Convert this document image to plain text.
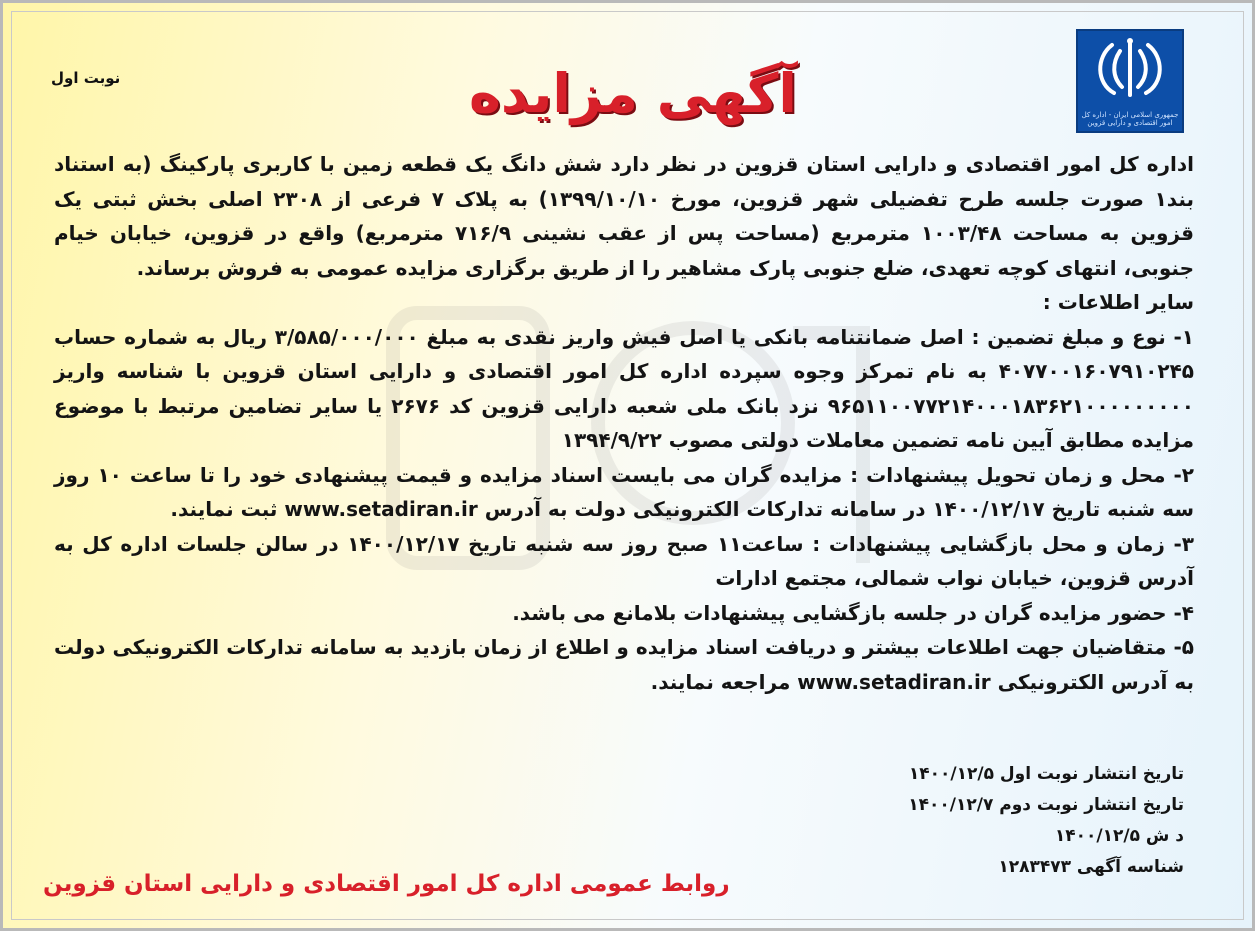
جمهوری اسلامی ایران - اداره کل امور اقتصادی و دارایی قزوین
نوبت اول	آگهی مزایده

اداره کل امور اقتصادی و دارایی استان قزوین در نظر دارد شش دانگ یک قطعه زمین با کاربری پارکینگ (به استناد بند۱ صورت جلسه طرح تفضیلی شهر قزوین، مورخ ۱۳۹۹/۱۰/۱۰) به پلاک ۷ فرعی از ۲۳۰۸ اصلی بخش ثبتی یک قزوین به مساحت ۱۰۰۳/۴۸ مترمربع (مساحت پس از عقب نشینی ۷۱۶/۹ مترمربع) واقع در قزوین، خیابان خیام جنوبی، انتهای کوچه تعهدی، ضلع جنوبی پارک مشاهیر را از طریق برگزاری مزایده عمومی به فروش برساند.

سایر اطلاعات :

۱- نوع و مبلغ تضمین : اصل ضمانتنامه بانکی یا اصل فیش واریز نقدی به مبلغ ۳/۵۸۵/۰۰۰/۰۰۰ ریال به شماره حساب ۴۰۷۷۰۰۱۶۰۷۹۱۰۲۴۵ به نام تمرکز وجوه سپرده اداره کل امور اقتصادی و دارایی استان قزوین با شناسه واریز ۹۶۵۱۱۰۰۷۷۲۱۴۰۰۰۱۸۳۶۲۱۰۰۰۰۰۰۰۰۰ نزد بانک ملی شعبه دارایی قزوین کد ۲۶۷۶ یا سایر تضامین مرتبط با موضوع مزایده مطابق آیین نامه تضمین معاملات دولتی مصوب ۱۳۹۴/۹/۲۲

۲- محل و زمان تحویل پیشنهادات : مزایده گران می بایست اسناد مزایده و قیمت پیشنهادی خود را تا ساعت ۱۰ روز سه شنبه تاریخ ۱۴۰۰/۱۲/۱۷ در سامانه تدارکات الکترونیکی دولت به آدرس www.setadiran.ir ثبت نمایند.

۳- زمان و محل بازگشایی پیشنهادات : ساعت۱۱ صبح روز سه شنبه تاریخ ۱۴۰۰/۱۲/۱۷ در سالن جلسات اداره کل به آدرس قزوین، خیابان نواب شمالی، مجتمع ادارات

۴- حضور مزایده گران در جلسه بازگشایی پیشنهادات بلامانع می باشد.

۵- متقاضیان جهت اطلاعات بیشتر و دریافت اسناد مزایده و اطلاع از زمان بازدید به سامانه تدارکات الکترونیکی دولت به آدرس الکترونیکی www.setadiran.ir مراجعه نمایند.

تاریخ انتشار نوبت اول ۱۴۰۰/۱۲/۵
تاریخ انتشار نوبت دوم ۱۴۰۰/۱۲/۷
د ش ۱۴۰۰/۱۲/۵
شناسه آگهی ۱۲۸۳۴۷۳
روابط عمومی اداره کل امور اقتصادی و دارایی استان قزوین
